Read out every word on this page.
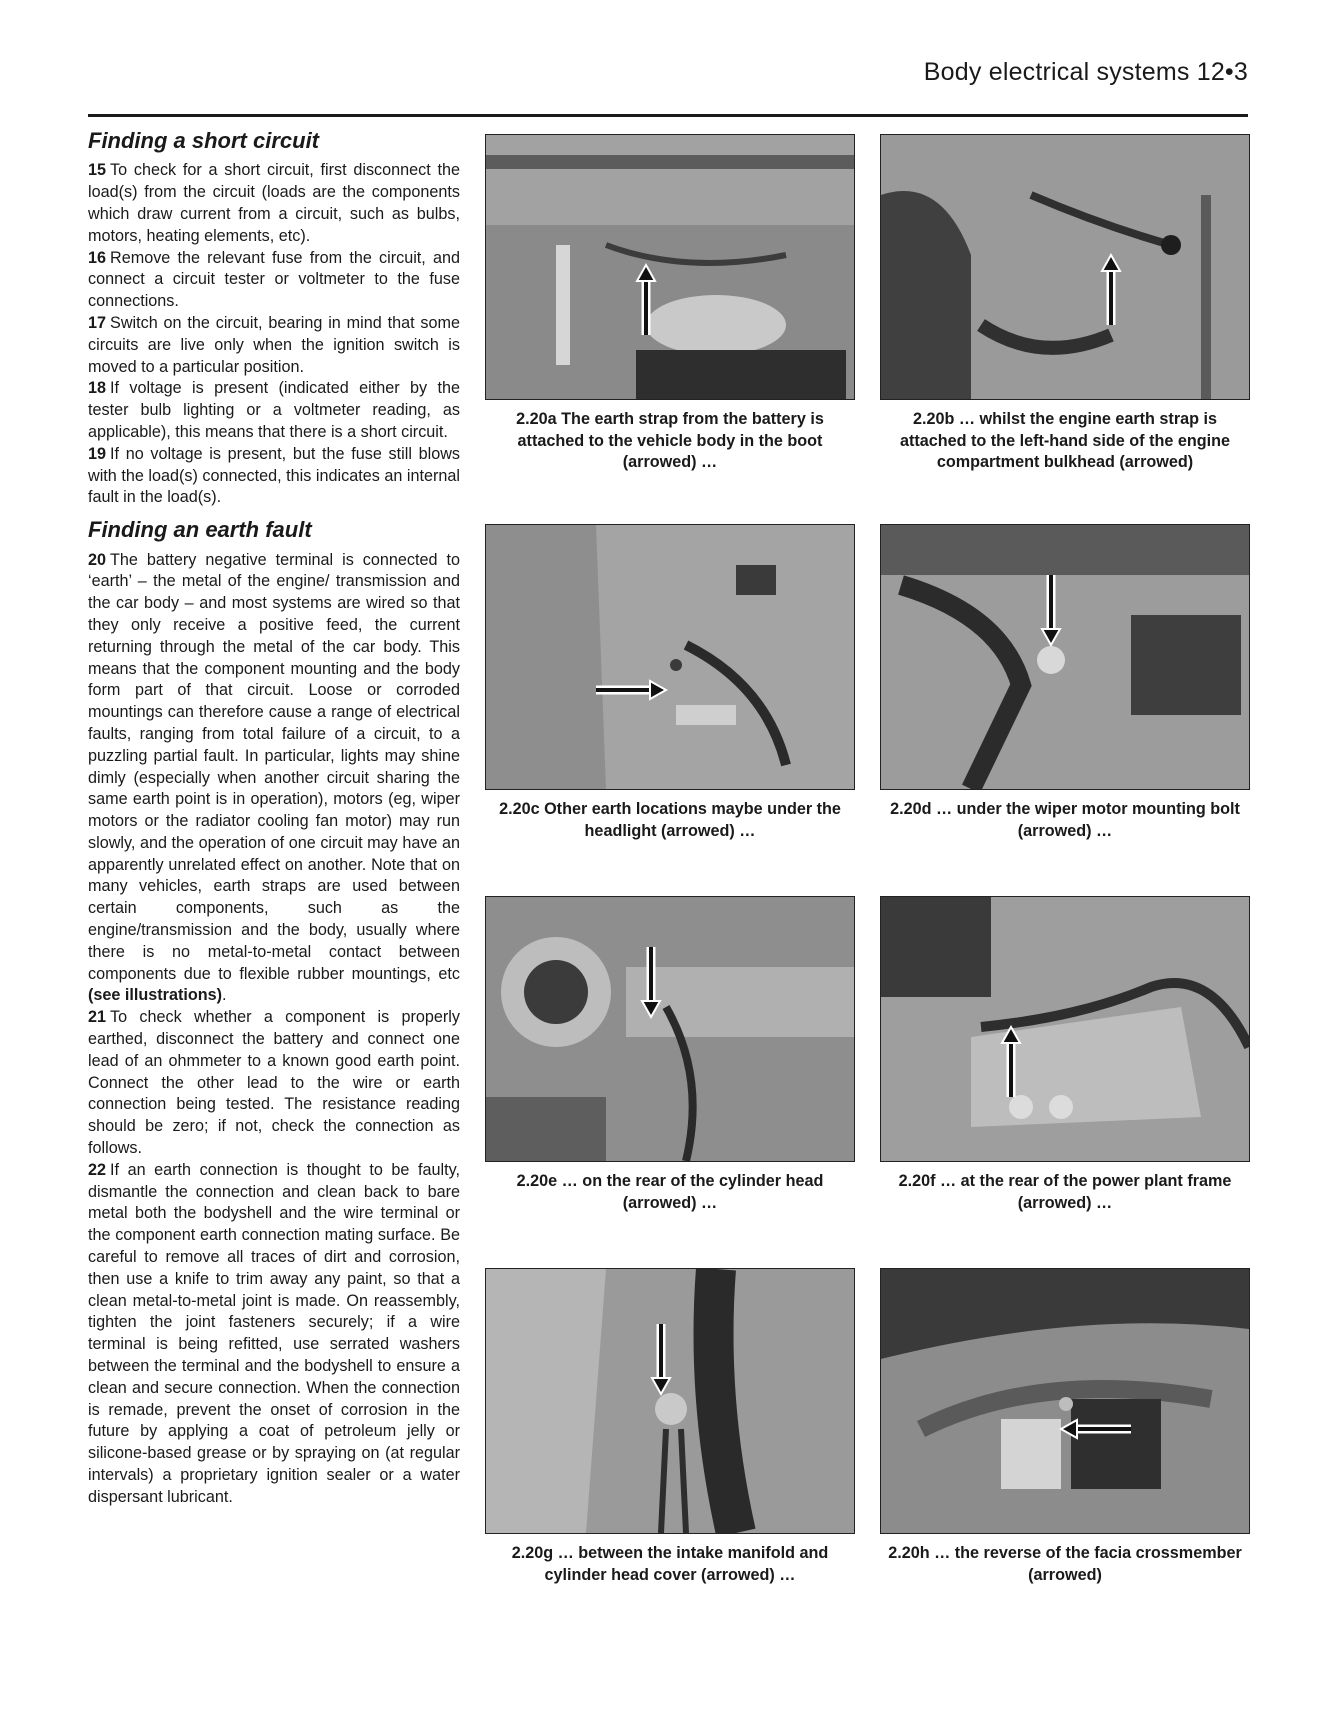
Body electrical systems 12•3
Finding a short circuit

15 To check for a short circuit, first disconnect the load(s) from the circuit (loads are the components which draw current from a circuit, such as bulbs, motors, heating elements, etc).

16 Remove the relevant fuse from the circuit, and connect a circuit tester or voltmeter to the fuse connections.

17 Switch on the circuit, bearing in mind that some circuits are live only when the ignition switch is moved to a particular position.

18 If voltage is present (indicated either by the tester bulb lighting or a voltmeter reading, as applicable), this means that there is a short circuit.

19 If no voltage is present, but the fuse still blows with the load(s) connected, this indicates an internal fault in the load(s).

Finding an earth fault

20 The battery negative terminal is connected to ‘earth’ – the metal of the engine/ transmission and the car body – and most systems are wired so that they only receive a positive feed, the current returning through the metal of the car body. This means that the component mounting and the body form part of that circuit. Loose or corroded mountings can therefore cause a range of electrical faults, ranging from total failure of a circuit, to a puzzling partial fault. In particular, lights may shine dimly (especially when another circuit sharing the same earth point is in operation), motors (eg, wiper motors or the radiator cooling fan motor) may run slowly, and the operation of one circuit may have an apparently unrelated effect on another. Note that on many vehicles, earth straps are used between certain components, such as the engine/transmission and the body, usually where there is no metal-to-metal contact between components due to flexible rubber mountings, etc (see illustrations).

21 To check whether a component is properly earthed, disconnect the battery and connect one lead of an ohmmeter to a known good earth point. Connect the other lead to the wire or earth connection being tested. The resistance reading should be zero; if not, check the connection as follows.

22 If an earth connection is thought to be faulty, dismantle the connection and clean back to bare metal both the bodyshell and the wire terminal or the component earth connection mating surface. Be careful to remove all traces of dirt and corrosion, then use a knife to trim away any paint, so that a clean metal-to-metal joint is made. On reassembly, tighten the joint fasteners securely; if a wire terminal is being refitted, use serrated washers between the terminal and the bodyshell to ensure a clean and secure connection. When the connection is remade, prevent the onset of corrosion in the future by applying a coat of petroleum jelly or silicone-based grease or by spraying on (at regular intervals) a proprietary ignition sealer or a water dispersant lubricant.

2.20a The earth strap from the battery is attached to the vehicle body in the boot (arrowed) …
2.20b … whilst the engine earth strap is attached to the left-hand side of the engine compartment bulkhead (arrowed)
2.20c Other earth locations maybe under the headlight (arrowed) …
2.20d … under the wiper motor mounting bolt (arrowed) …
2.20e … on the rear of the cylinder head (arrowed) …
2.20f … at the rear of the power plant frame (arrowed) …
2.20g … between the intake manifold and cylinder head cover (arrowed) …
2.20h … the reverse of the facia crossmember (arrowed)
